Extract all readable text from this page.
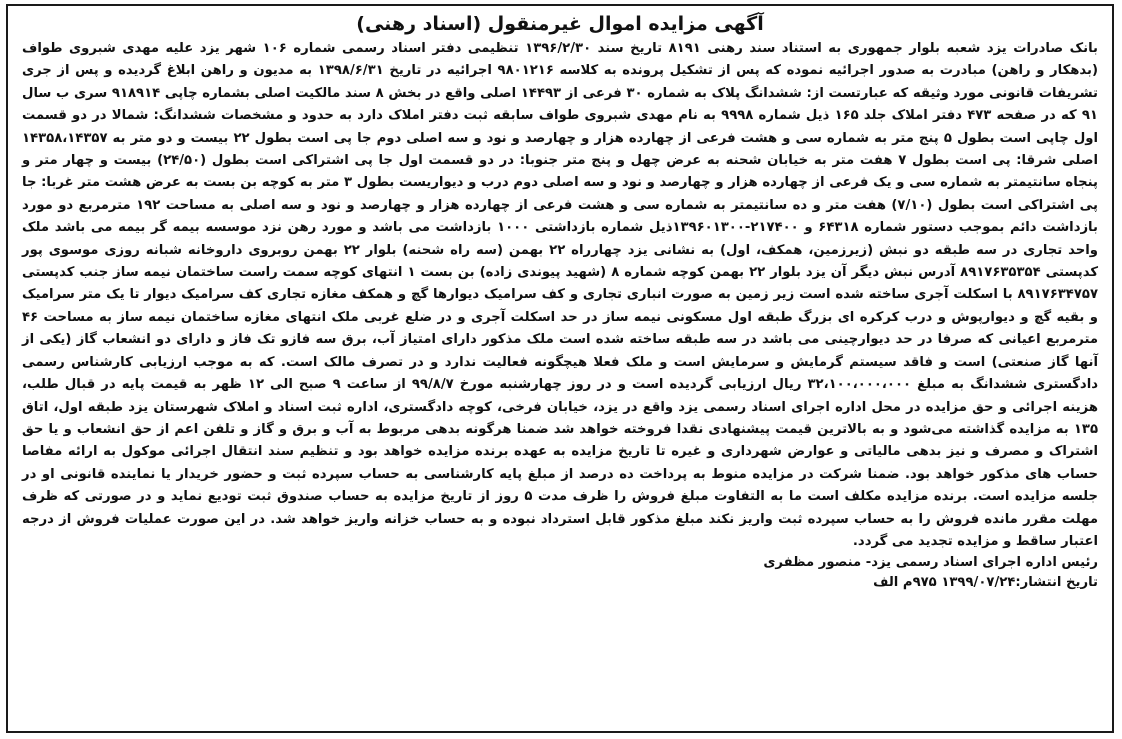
آگهی مزایده اموال غیرمنقول (اسناد رهنی)

بانک صادرات یزد شعبه بلوار جمهوری به استناد سند رهنی ۸۱۹۱ تاریخ سند ۱۳۹۶/۲/۳۰ تنظیمی دفتر اسناد رسمی شماره ۱۰۶ شهر یزد علیه مهدی شبروی طواف (بدهکار و راهن) مبادرت به صدور اجرائیه نموده که پس از تشکیل پرونده به کلاسه ۹۸۰۱۲۱۶ اجرائیه در تاریخ ۱۳۹۸/۶/۳۱ به مدیون و راهن ابلاغ گردیده و پس از جری تشریفات قانونی مورد وثیقه که عبارتست از: ششدانگ پلاک به شماره ۳۰ فرعی از ۱۴۴۹۳ اصلی واقع در بخش ۸ سند مالکیت اصلی بشماره چاپی ۹۱۸۹۱۴ سری ب سال ۹۱ که در صفحه ۴۷۳ دفتر املاک جلد ۱۶۵ ذیل شماره ۹۹۹۸ به نام مهدی شبروی طواف سابقه ثبت دفتر املاک دارد به حدود و مشخصات ششدانگ: شمالا در دو قسمت اول چاپی است بطول ۵ پنج متر به شماره سی و هشت فرعی از چهارده هزار و چهارصد و نود و سه اصلی دوم جا پی است بطول ۲۲ بیست و دو متر به ۱۴۳۵۸،۱۴۳۵۷ اصلی شرقا: پی است بطول ۷ هفت متر به خیابان شحنه به عرض چهل و پنج متر جنوبا: در دو قسمت اول جا پی اشتراکی است بطول (۲۴/۵۰) بیست و چهار متر و پنجاه سانتیمتر به شماره سی و یک فرعی از چهارده هزار و چهارصد و نود و سه اصلی دوم درب و دیواریست بطول ۳ متر به کوچه بن بست به عرض هشت متر غربا: جا پی اشتراکی است بطول (۷/۱۰) هفت متر و ده سانتیمتر به شماره سی و هشت فرعی از چهارده هزار و چهارصد و نود و سه اصلی به مساحت ۱۹۲ مترمربع دو مورد بازداشت دائم بموجب دستور شماره ۶۴۳۱۸ و ۲۱۷۴۰۰-۱۳۹۶۰۱۳۰۰ذیل شماره بازداشتی ۱۰۰۰ بازداشت می باشد و مورد رهن نزد موسسه بیمه گر بیمه می باشد ملک واحد تجاری در سه طبقه دو نبش (زیرزمین، همکف، اول) به نشانی یزد چهارراه ۲۲ بهمن (سه راه شحنه) بلوار ۲۲ بهمن روبروی داروخانه شبانه روزی موسوی پور کدپستی ۸۹۱۷۶۳۵۳۵۴ آدرس نبش دیگر آن یزد بلوار ۲۲ بهمن کوچه شماره ۸ (شهید پیوندی زاده) بن بست ۱ انتهای کوچه سمت راست ساختمان نیمه ساز جنب کدپستی ۸۹۱۷۶۳۴۷۵۷ با اسکلت آجری ساخته شده است زیر زمین به صورت انباری تجاری و کف سرامیک دیوارها گچ و همکف مغازه تجاری کف سرامیک دیوار تا یک متر سرامیک و بقیه گچ و دیوارپوش و درب کرکره ای بزرگ طبقه اول مسکونی نیمه ساز در حد اسکلت آجری و در ضلع غربی ملک انتهای مغازه ساختمان نیمه ساز به مساحت ۴۶ مترمربع اعیانی که صرفا در حد دیوارچینی می باشد در سه طبقه ساخته شده است ملک مذکور دارای امتیاز آب، برق سه فازو تک فاز و دارای دو انشعاب گاز (یکی از آنها گاز صنعتی) است و فاقد سیستم گرمایش و سرمایش است و ملک فعلا هیچگونه فعالیت ندارد و در تصرف مالک است. که به موجب ارزیابی کارشناس رسمی دادگستری ششدانگ به مبلغ ۳۲،۱۰۰،۰۰۰،۰۰۰ ریال ارزیابی گردیده است و در روز چهارشنبه مورخ ۹۹/۸/۷ از ساعت ۹ صبح الی ۱۲ ظهر به قیمت پایه در قبال طلب، هزینه اجرائی و حق مزایده در محل اداره اجرای اسناد رسمی یزد واقع در یزد، خیابان فرخی، کوچه دادگستری، اداره ثبت اسناد و املاک شهرستان یزد طبقه اول، اتاق ۱۳۵ به مزایده گذاشته می‌شود و به بالاترین قیمت پیشنهادی نقدا فروخته خواهد شد ضمنا هرگونه بدهی مربوط به آب و برق و گاز و تلفن اعم از حق انشعاب و یا حق اشتراک و مصرف و نیز بدهی مالیاتی و عوارض شهرداری و غیره تا تاریخ مزایده به عهده برنده مزایده خواهد بود و تنظیم سند انتقال اجرائی موکول به ارائه مفاصا حساب های مذکور خواهد بود. ضمنا شرکت در مزایده منوط به پرداخت ده درصد از مبلغ پایه کارشناسی به حساب سپرده ثبت و حضور خریدار یا نماینده قانونی او در جلسه مزایده است. برنده مزایده مکلف است ما به التفاوت مبلغ فروش را ظرف مدت ۵ روز از تاریخ مزایده به حساب صندوق ثبت تودیع نماید و در صورتی که ظرف مهلت مقرر مانده فروش را به حساب سپرده ثبت واریز نکند مبلغ مذکور قابل استرداد نبوده و به حساب خزانه واریز خواهد شد. در این صورت عملیات فروش از درجه اعتبار ساقط و مزایده تجدید می گردد.

رئیس اداره اجرای اسناد رسمی یزد- منصور مظفری
تاریخ انتشار:۱۳۹۹/۰۷/۲۴ ۹۷۵م الف
